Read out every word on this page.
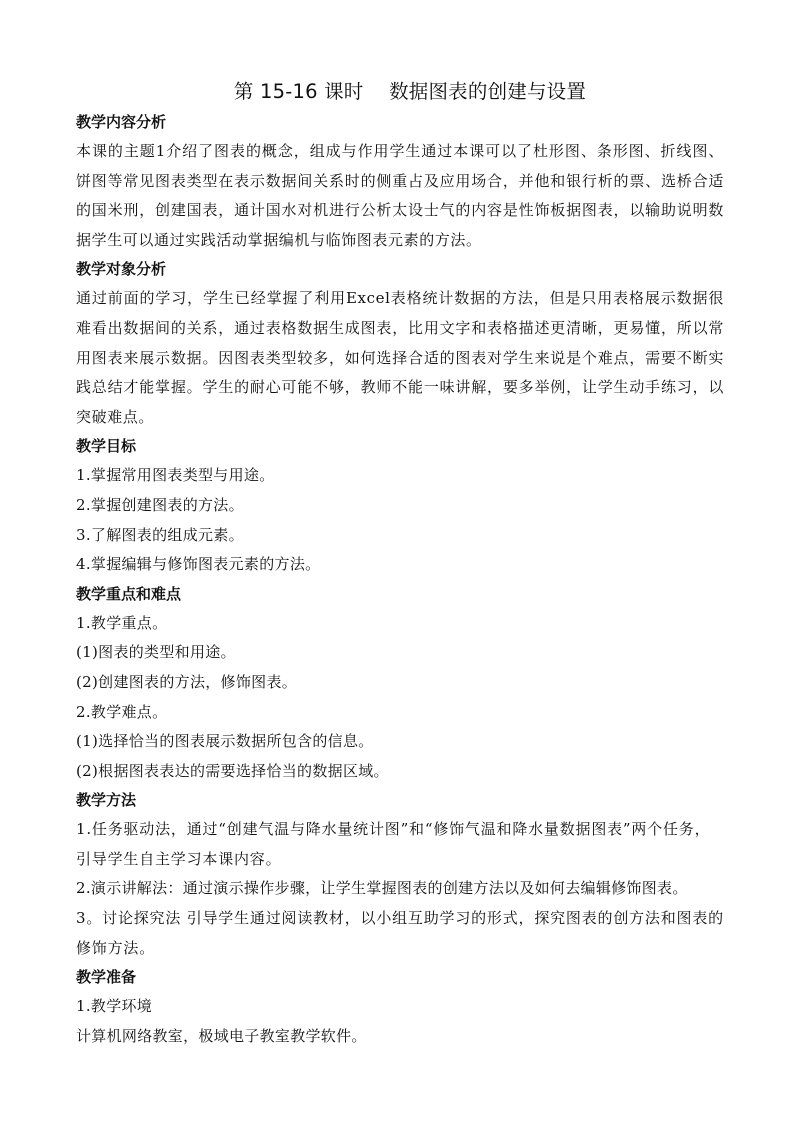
第 15-16 课时    数据图表的创建与设置
教学内容分析

本课的主题1介绍了图表的概念，组成与作用学生通过本课可以了杜形图、条形图、折线图、饼图等常见图表类型在表示数据间关系时的侧重占及应用场合，并他和银行析的票、选桥合适的国米刑，创建国表，通计国水对机进行公析太设士气的内容是性饰板据图表，以输助说明数据学生可以通过实践活动掌据编机与临饰图表元素的方法。

教学对象分析

通过前面的学习，学生已经掌握了利用Excel表格统计数据的方法，但是只用表格展示数据很难看出数据间的关系，通过表格数据生成图表，比用文字和表格描述更清晰，更易懂，所以常用图表来展示数据。因图表类型较多，如何选择合适的图表对学生来说是个难点，需要不断实践总结才能掌握。学生的耐心可能不够，教师不能一味讲解，要多举例，让学生动手练习，以突破难点。

教学目标
1.掌握常用图表类型与用途。
2.掌握创建图表的方法。
3.了解图表的组成元素。
4.掌握编辑与修饰图表元素的方法。
教学重点和难点
1.教学重点。
(1)图表的类型和用途。
(2)创建图表的方法，修饰图表。
2.教学难点。
(1)选择恰当的图表展示数据所包含的信息。
(2)根据图表表达的需要选择恰当的数据区域。
教学方法

1.任务驱动法，通过“创建气温与降水量统计图”和“修饰气温和降水量数据图表”两个任务，引导学生自主学习本课内容。

2.演示讲解法：通过演示操作步骤，让学生掌握图表的创建方法以及如何去编辑修饰图表。

3。讨论探究法 引导学生通过阅读教材，以小组互助学习的形式，探究图表的创方法和图表的修饰方法。

教学准备
1.教学环境
计算机网络教室，极域电子教室教学软件。
